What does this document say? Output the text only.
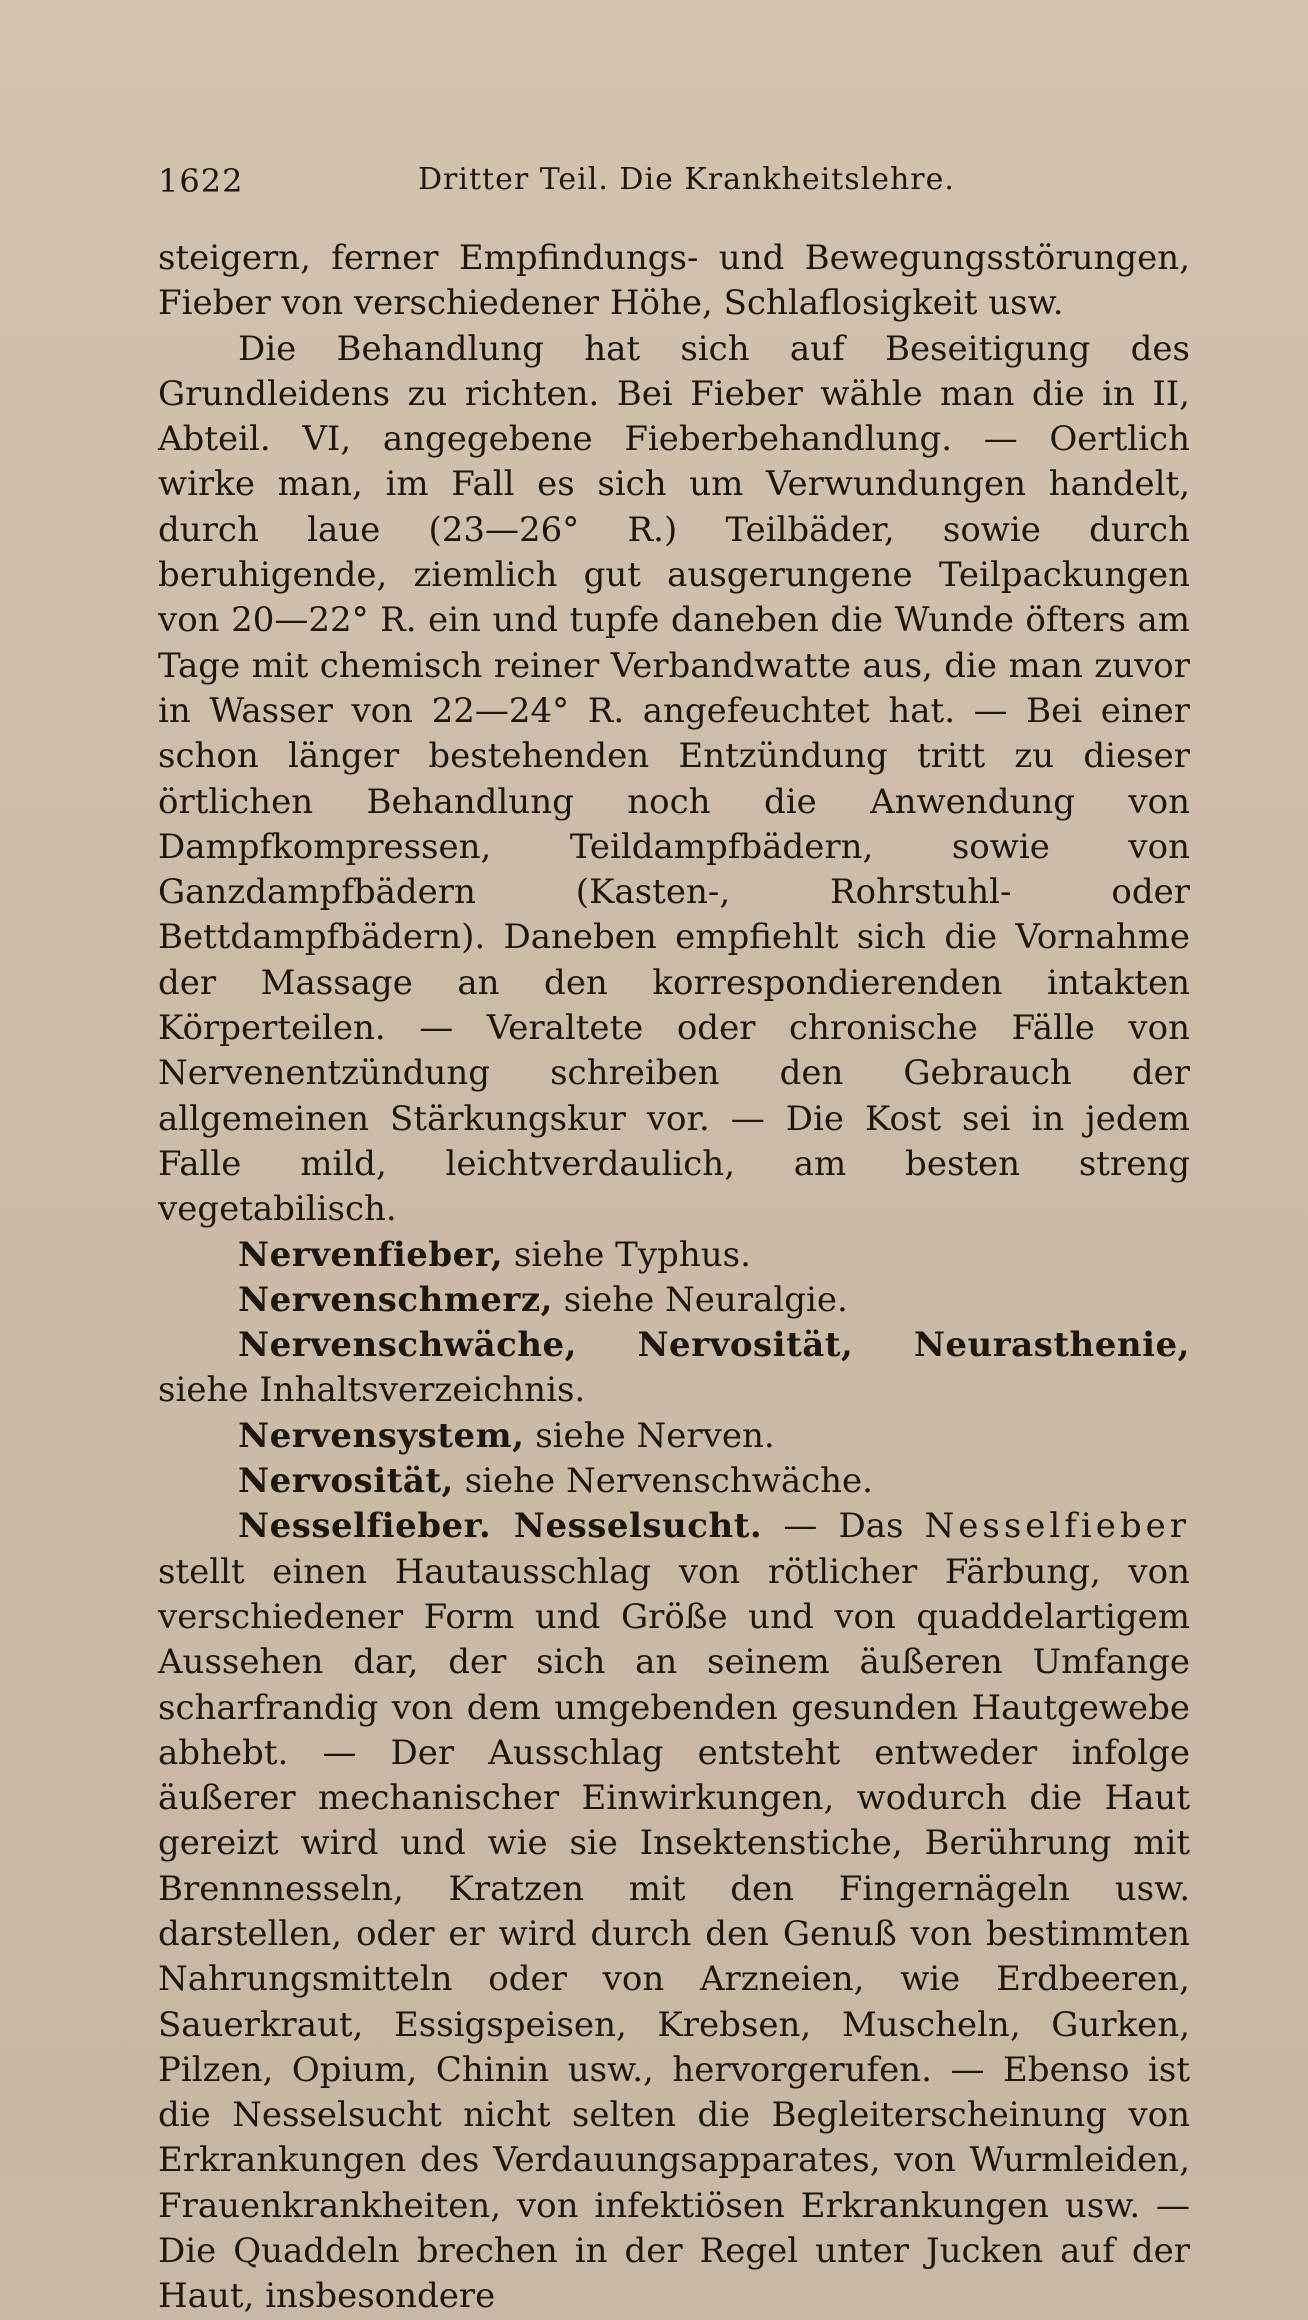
1622	Dritter Teil. Die Krankheitslehre.

steigern, ferner Empfindungs- und Bewegungsstörungen, Fieber von verschiedener Höhe, Schlaflosigkeit usw.

Die Behandlung hat sich auf Beseitigung des Grundleidens zu richten. Bei Fieber wähle man die in II, Abteil. VI, angegebene Fieberbehandlung. — Oertlich wirke man, im Fall es sich um Verwundungen handelt, durch laue (23—26° R.) Teilbäder, sowie durch beruhigende, ziemlich gut ausgerungene Teilpackungen von 20—22° R. ein und tupfe daneben die Wunde öfters am Tage mit chemisch reiner Verbandwatte aus, die man zuvor in Wasser von 22—24° R. angefeuchtet hat. — Bei einer schon länger bestehenden Entzündung tritt zu dieser örtlichen Behandlung noch die Anwendung von Dampfkompressen, Teildampfbädern, sowie von Ganzdampfbädern (Kasten-, Rohrstuhl- oder Bettdampfbädern). Daneben empfiehlt sich die Vornahme der Massage an den korrespondierenden intakten Körperteilen. — Veraltete oder chronische Fälle von Nervenentzündung schreiben den Gebrauch der allgemeinen Stärkungskur vor. — Die Kost sei in jedem Falle mild, leichtverdaulich, am besten streng vegetabilisch.

Nervenfieber, siehe Typhus.

Nervenschmerz, siehe Neuralgie.

Nervenschwäche, Nervosität, Neurasthenie, siehe Inhaltsverzeichnis.

Nervensystem, siehe Nerven.

Nervosität, siehe Nervenschwäche.

Nesselfieber. Nesselsucht. — Das Nesselfieber stellt einen Hautausschlag von rötlicher Färbung, von verschiedener Form und Größe und von quaddelartigem Aussehen dar, der sich an seinem äußeren Umfange scharfrandig von dem umgebenden gesunden Hautgewebe abhebt. — Der Ausschlag entsteht entweder infolge äußerer mechanischer Einwirkungen, wodurch die Haut gereizt wird und wie sie Insektenstiche, Berührung mit Brennnesseln, Kratzen mit den Fingernägeln usw. darstellen, oder er wird durch den Genuß von bestimmten Nahrungsmitteln oder von Arzneien, wie Erdbeeren, Sauerkraut, Essigspeisen, Krebsen, Muscheln, Gurken, Pilzen, Opium, Chinin usw., hervorgerufen. — Ebenso ist die Nesselsucht nicht selten die Begleiterscheinung von Erkrankungen des Verdauungsapparates, von Wurmleiden, Frauenkrankheiten, von infektiösen Erkrankungen usw. — Die Quaddeln brechen in der Regel unter Jucken auf der Haut, insbesondere
